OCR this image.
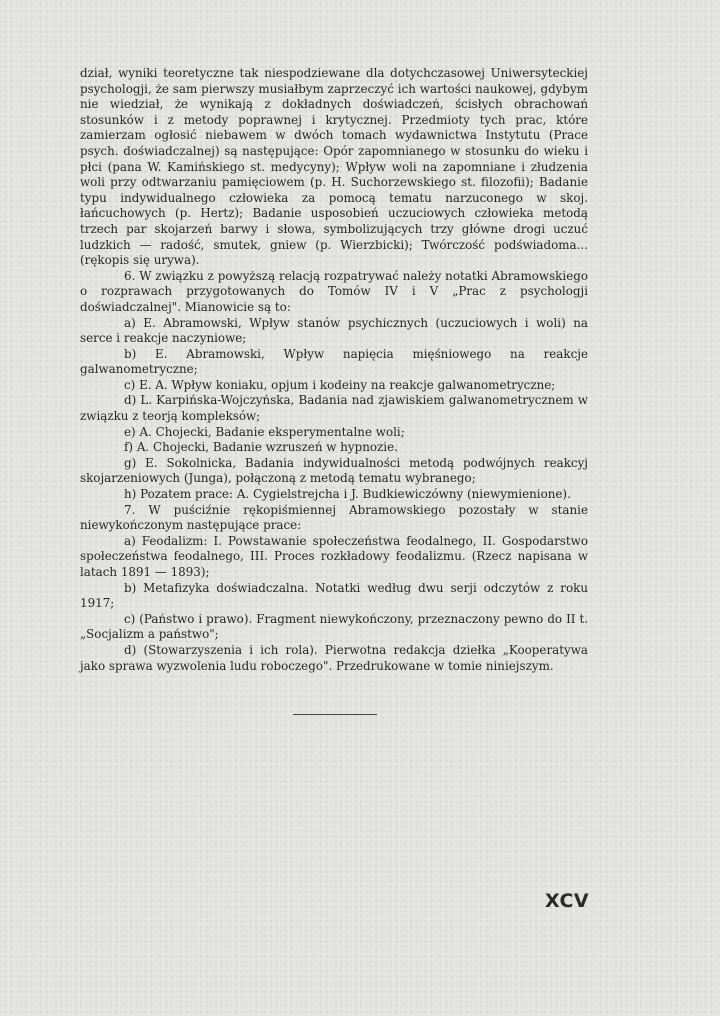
dział, wyniki teoretyczne tak niespodziewane dla dotychczasowej Uniwersyteckiej psychologji, że sam pierwszy musiałbym zaprzeczyć ich wartości naukowej, gdybym nie wiedział, że wynikają z dokładnych doświadczeń, ścisłych obrachowań stosunków i z metody poprawnej i krytycznej. Przedmioty tych prac, które zamierzam ogłosić niebawem w dwóch tomach wydawnictwa Instytutu (Prace psych. doświadczalnej) są następujące: Opór zapomnianego w stosunku do wieku i płci (pana W. Kamińskiego st. medycyny); Wpływ woli na zapomniane i złudzenia woli przy odtwarzaniu pamięciowem (p. H. Suchorzewskiego st. filozofii); Badanie typu indywidualnego człowieka za pomocą tematu narzuconego w skoj. łańcuchowych (p. Hertz); Badanie usposobień uczuciowych człowieka metodą trzech par skojarzeń barwy i słowa, symbolizujących trzy główne drogi uczuć ludzkich — radość, smutek, gniew (p. Wierzbicki); Twórczość podświadoma... (rękopis się urywa).

6. W związku z powyższą relacją rozpatrywać należy notatki Abramowskiego o rozprawach przygotowanych do Tomów IV i V „Prac z psychologji doświadczalnej". Mianowicie są to:

a) E. Abramowski, Wpływ stanów psychicznych (uczuciowych i woli) na serce i reakcje naczyniowe;

b) E. Abramowski, Wpływ napięcia mięśniowego na reakcje galwanometryczne;

c) E. A. Wpływ koniaku, opjum i kodeiny na reakcje galwanometryczne;

d) L. Karpińska-Wojczyńska, Badania nad zjawiskiem galwanometrycznem w związku z teorją kompleksów;

e) A. Chojecki, Badanie eksperymentalne woli;

f) A. Chojecki, Badanie wzruszeń w hypnozie.

g) E. Sokolnicka, Badania indywidualności metodą podwójnych reakcyj skojarzeniowych (Junga), połączoną z metodą tematu wybranego;

h) Pozatem prace: A. Cygielstrejcha i J. Budkiewiczówny (niewymienione).

7. W puściźnie rękopiśmiennej Abramowskiego pozostały w stanie niewykończonym następujące prace:

a) Feodalizm: I. Powstawanie społeczeństwa feodalnego, II. Gospodarstwo społeczeństwa feodalnego, III. Proces rozkładowy feodalizmu. (Rzecz napisana w latach 1891 — 1893);

b) Metafizyka doświadczalna. Notatki według dwu serji odczytów z roku 1917;

c) (Państwo i prawo). Fragment niewykończony, przeznaczony pewno do II t. „Socjalizm a państwo";

d) (Stowarzyszenia i ich rola). Pierwotna redakcja dziełka „Kooperatywa jako sprawa wyzwolenia ludu roboczego". Przedrukowane w tomie niniejszym.

XCV
